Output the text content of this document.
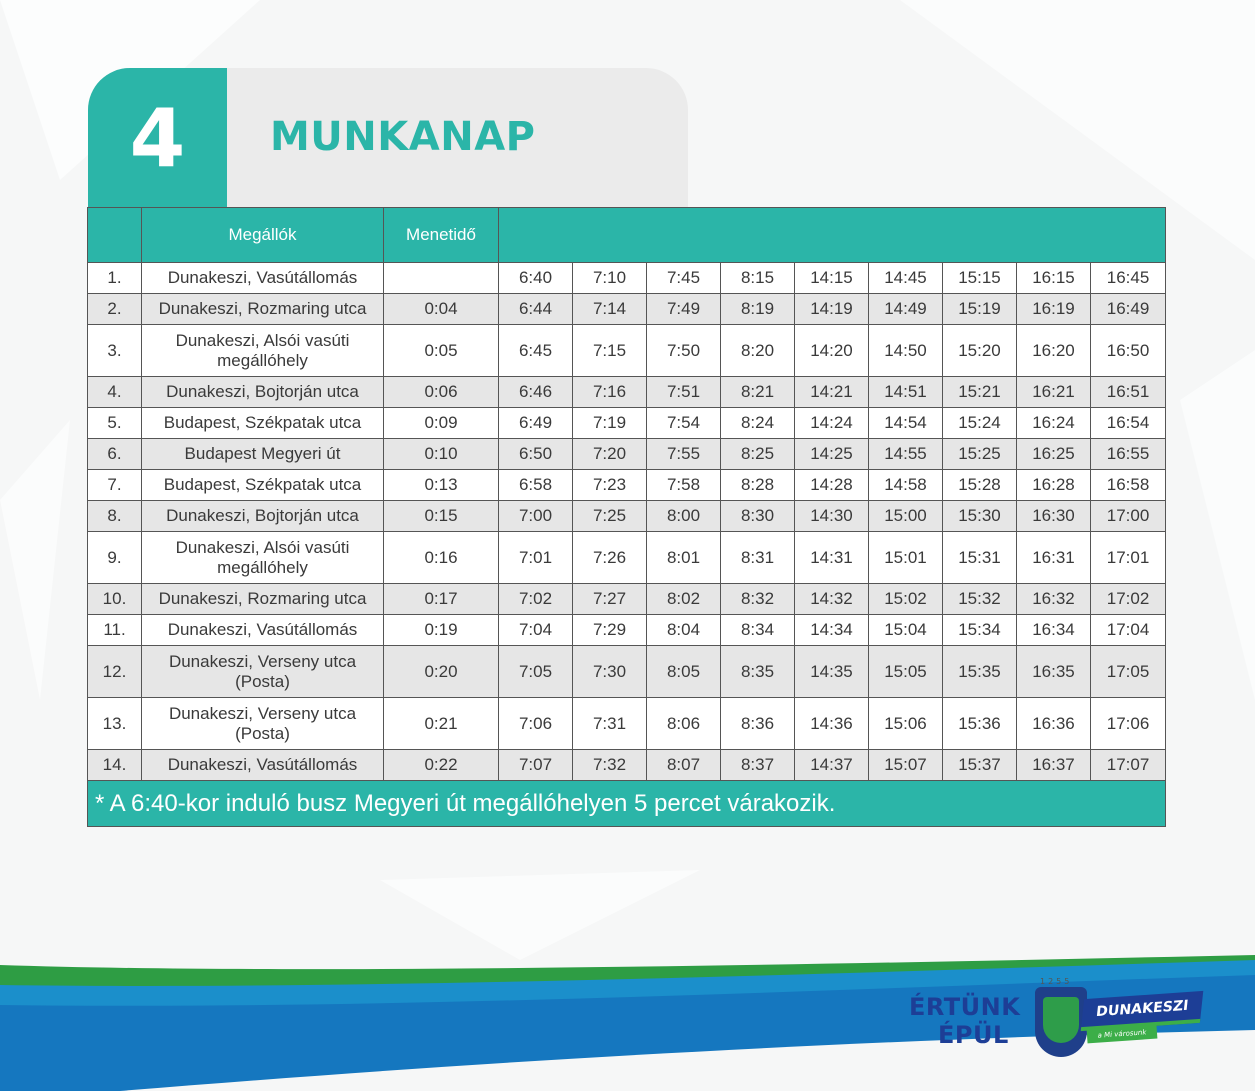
4	MUNKANAP
	Megállók	Menetidő									
1.	Dunakeszi, Vasútállomás		6:40	7:10	7:45	8:15	14:15	14:45	15:15	16:15	16:45
2.	Dunakeszi, Rozmaring utca	0:04	6:44	7:14	7:49	8:19	14:19	14:49	15:19	16:19	16:49
3.	Dunakeszi, Alsói vasúti megállóhely	0:05	6:45	7:15	7:50	8:20	14:20	14:50	15:20	16:20	16:50
4.	Dunakeszi, Bojtorján utca	0:06	6:46	7:16	7:51	8:21	14:21	14:51	15:21	16:21	16:51
5.	Budapest, Székpatak utca	0:09	6:49	7:19	7:54	8:24	14:24	14:54	15:24	16:24	16:54
6.	Budapest Megyeri út	0:10	6:50	7:20	7:55	8:25	14:25	14:55	15:25	16:25	16:55
7.	Budapest, Székpatak utca	0:13	6:58	7:23	7:58	8:28	14:28	14:58	15:28	16:28	16:58
8.	Dunakeszi, Bojtorján utca	0:15	7:00	7:25	8:00	8:30	14:30	15:00	15:30	16:30	17:00
9.	Dunakeszi, Alsói vasúti megállóhely	0:16	7:01	7:26	8:01	8:31	14:31	15:01	15:31	16:31	17:01
10.	Dunakeszi, Rozmaring utca	0:17	7:02	7:27	8:02	8:32	14:32	15:02	15:32	16:32	17:02
11.	Dunakeszi, Vasútállomás	0:19	7:04	7:29	8:04	8:34	14:34	15:04	15:34	16:34	17:04
12.	Dunakeszi, Verseny utca (Posta)	0:20	7:05	7:30	8:05	8:35	14:35	15:05	15:35	16:35	17:05
13.	Dunakeszi, Verseny utca (Posta)	0:21	7:06	7:31	8:06	8:36	14:36	15:06	15:36	16:36	17:06
14.	Dunakeszi, Vasútállomás	0:22	7:07	7:32	8:07	8:37	14:37	15:07	15:37	16:37	17:07
* A 6:40-kor induló busz Megyeri út megállóhelyen 5 percet várakozik.											
ÉRTÜNK
ÉPÜL
1255
DUNAKESZI
a Mi városunk
